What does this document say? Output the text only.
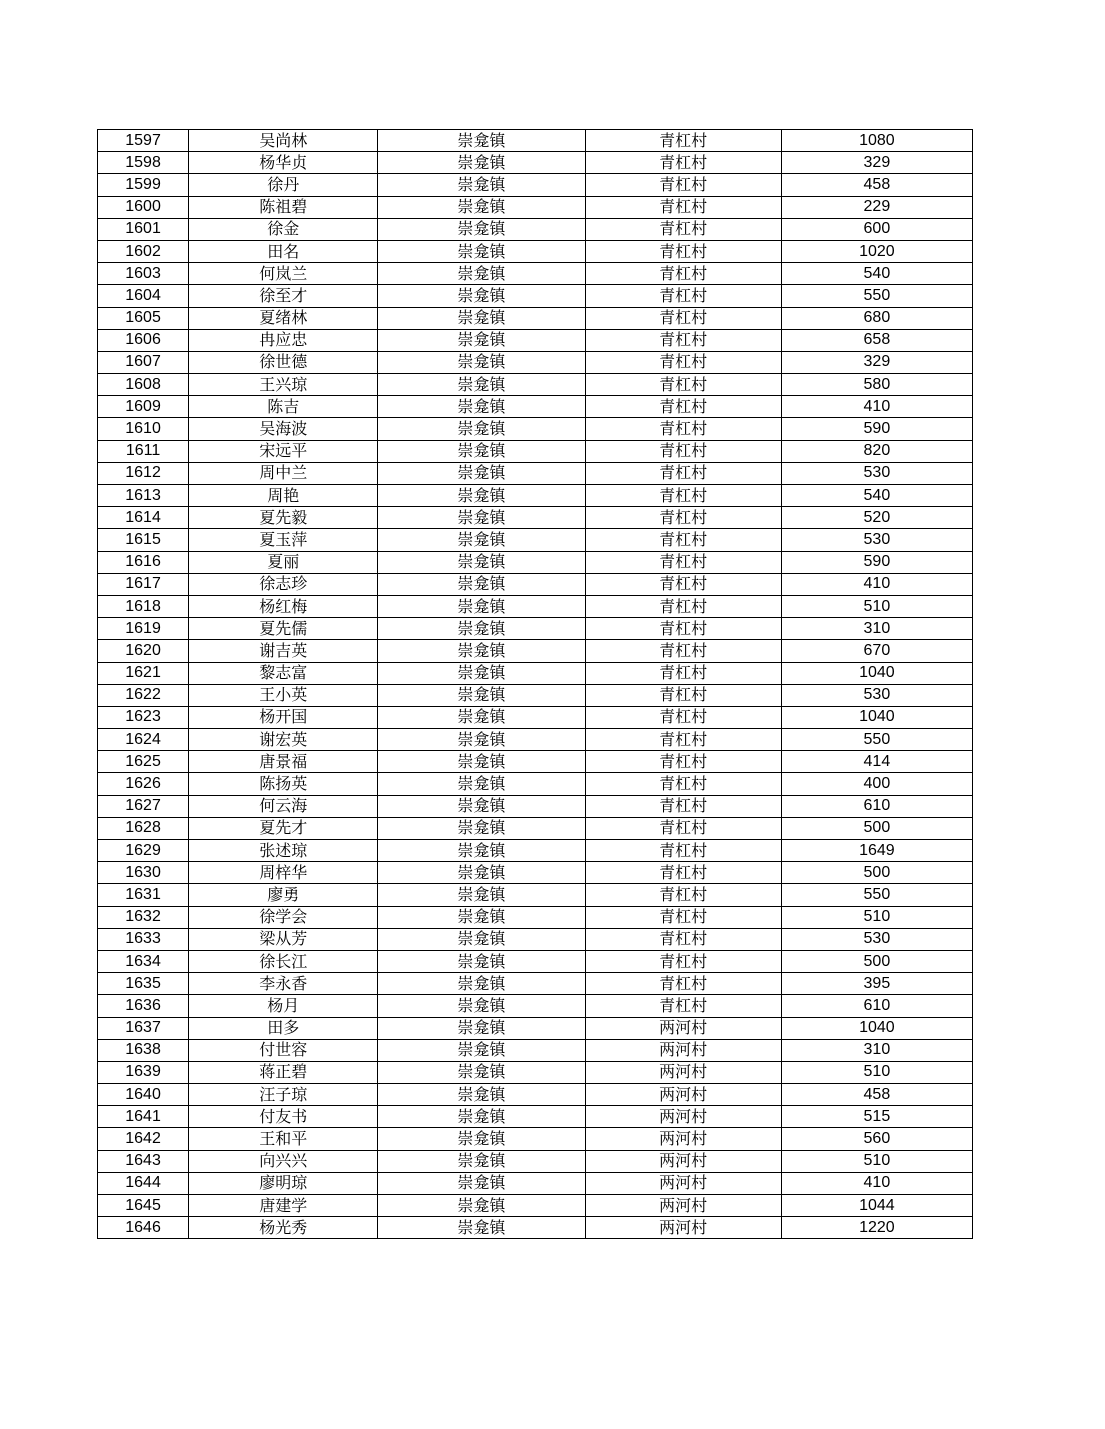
1597	吴尚林	崇龛镇	青杠村	1080
1598	杨华贞	崇龛镇	青杠村	329
1599	徐丹	崇龛镇	青杠村	458
1600	陈祖碧	崇龛镇	青杠村	229
1601	徐金	崇龛镇	青杠村	600
1602	田名	崇龛镇	青杠村	1020
1603	何岚兰	崇龛镇	青杠村	540
1604	徐至才	崇龛镇	青杠村	550
1605	夏绪林	崇龛镇	青杠村	680
1606	冉应忠	崇龛镇	青杠村	658
1607	徐世德	崇龛镇	青杠村	329
1608	王兴琼	崇龛镇	青杠村	580
1609	陈吉	崇龛镇	青杠村	410
1610	吴海波	崇龛镇	青杠村	590
1611	宋远平	崇龛镇	青杠村	820
1612	周中兰	崇龛镇	青杠村	530
1613	周艳	崇龛镇	青杠村	540
1614	夏先毅	崇龛镇	青杠村	520
1615	夏玉萍	崇龛镇	青杠村	530
1616	夏丽	崇龛镇	青杠村	590
1617	徐志珍	崇龛镇	青杠村	410
1618	杨红梅	崇龛镇	青杠村	510
1619	夏先儒	崇龛镇	青杠村	310
1620	谢吉英	崇龛镇	青杠村	670
1621	黎志富	崇龛镇	青杠村	1040
1622	王小英	崇龛镇	青杠村	530
1623	杨开国	崇龛镇	青杠村	1040
1624	谢宏英	崇龛镇	青杠村	550
1625	唐景福	崇龛镇	青杠村	414
1626	陈扬英	崇龛镇	青杠村	400
1627	何云海	崇龛镇	青杠村	610
1628	夏先才	崇龛镇	青杠村	500
1629	张述琼	崇龛镇	青杠村	1649
1630	周梓华	崇龛镇	青杠村	500
1631	廖勇	崇龛镇	青杠村	550
1632	徐学会	崇龛镇	青杠村	510
1633	梁从芳	崇龛镇	青杠村	530
1634	徐长江	崇龛镇	青杠村	500
1635	李永香	崇龛镇	青杠村	395
1636	杨月	崇龛镇	青杠村	610
1637	田多	崇龛镇	两河村	1040
1638	付世容	崇龛镇	两河村	310
1639	蒋正碧	崇龛镇	两河村	510
1640	汪子琼	崇龛镇	两河村	458
1641	付友书	崇龛镇	两河村	515
1642	王和平	崇龛镇	两河村	560
1643	向兴兴	崇龛镇	两河村	510
1644	廖明琼	崇龛镇	两河村	410
1645	唐建学	崇龛镇	两河村	1044
1646	杨光秀	崇龛镇	两河村	1220
